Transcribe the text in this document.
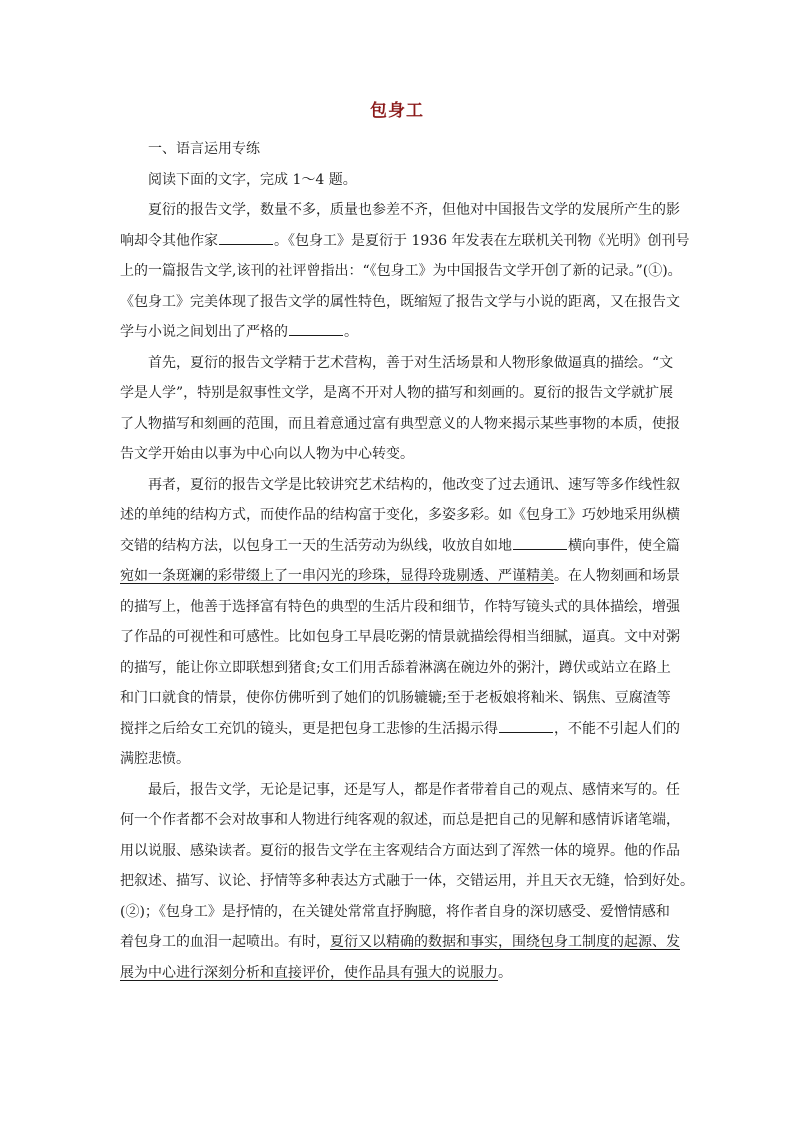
包身工

一、语言运用专练

阅读下面的文字，完成 1～4 题。

　　夏衍的报告文学，数量不多，质量也参差不齐，但他对中国报告文学的发展所产生的影

响却令其他作家	。《包身工》是夏衍于 1936 年发表在左联机关刊物《光明》创刊号

上的一篇报告文学,该刊的社评曾指出：“《包身工》为中国报告文学开创了新的记录。”(①)。

《包身工》完美体现了报告文学的属性特色，既缩短了报告文学与小说的距离，又在报告文

学与小说之间划出了严格的	。

　　首先，夏衍的报告文学精于艺术营构，善于对生活场景和人物形象做逼真的描绘。“文

学是人学”，特别是叙事性文学，是离不开对人物的描写和刻画的。夏衍的报告文学就扩展

了人物描写和刻画的范围，而且着意通过富有典型意义的人物来揭示某些事物的本质，使报

告文学开始由以事为中心向以人物为中心转变。

　　再者，夏衍的报告文学是比较讲究艺术结构的，他改变了过去通讯、速写等多作线性叙

述的单纯的结构方式，而使作品的结构富于变化，多姿多彩。如《包身工》巧妙地采用纵横

交错的结构方法，以包身工一天的生活劳动为纵线，收放自如地	横向事件，使全篇

宛如一条斑斓的彩带缀上了一串闪光的珍珠，显得玲珑剔透、严谨精美。在人物刻画和场景

的描写上，他善于选择富有特色的典型的生活片段和细节，作特写镜头式的具体描绘，增强

了作品的可视性和可感性。比如包身工早晨吃粥的情景就描绘得相当细腻，逼真。文中对粥

的描写，能让你立即联想到猪食;女工们用舌舔着淋漓在碗边外的粥汁，蹲伏或站立在路上

和门口就食的情景，使你仿佛听到了她们的饥肠辘辘;至于老板娘将籼米、锅焦、豆腐渣等

搅拌之后给女工充饥的镜头，更是把包身工悲惨的生活揭示得	，不能不引起人们的

满腔悲愤。

　　最后，报告文学，无论是记事，还是写人，都是作者带着自己的观点、感情来写的。任

何一个作者都不会对故事和人物进行纯客观的叙述，而总是把自己的见解和感情诉诸笔端，

用以说服、感染读者。夏衍的报告文学在主客观结合方面达到了浑然一体的境界。他的作品

把叙述、描写、议论、抒情等多种表达方式融于一体，交错运用，并且天衣无缝，恰到好处。

(②)；《包身工》是抒情的，在关键处常常直抒胸臆，将作者自身的深切感受、爱憎情感和

着包身工的血泪一起喷出。有时，夏衍又以精确的数据和事实，围绕包身工制度的起源、发

展为中心进行深刻分析和直接评价，使作品具有强大的说服力。
